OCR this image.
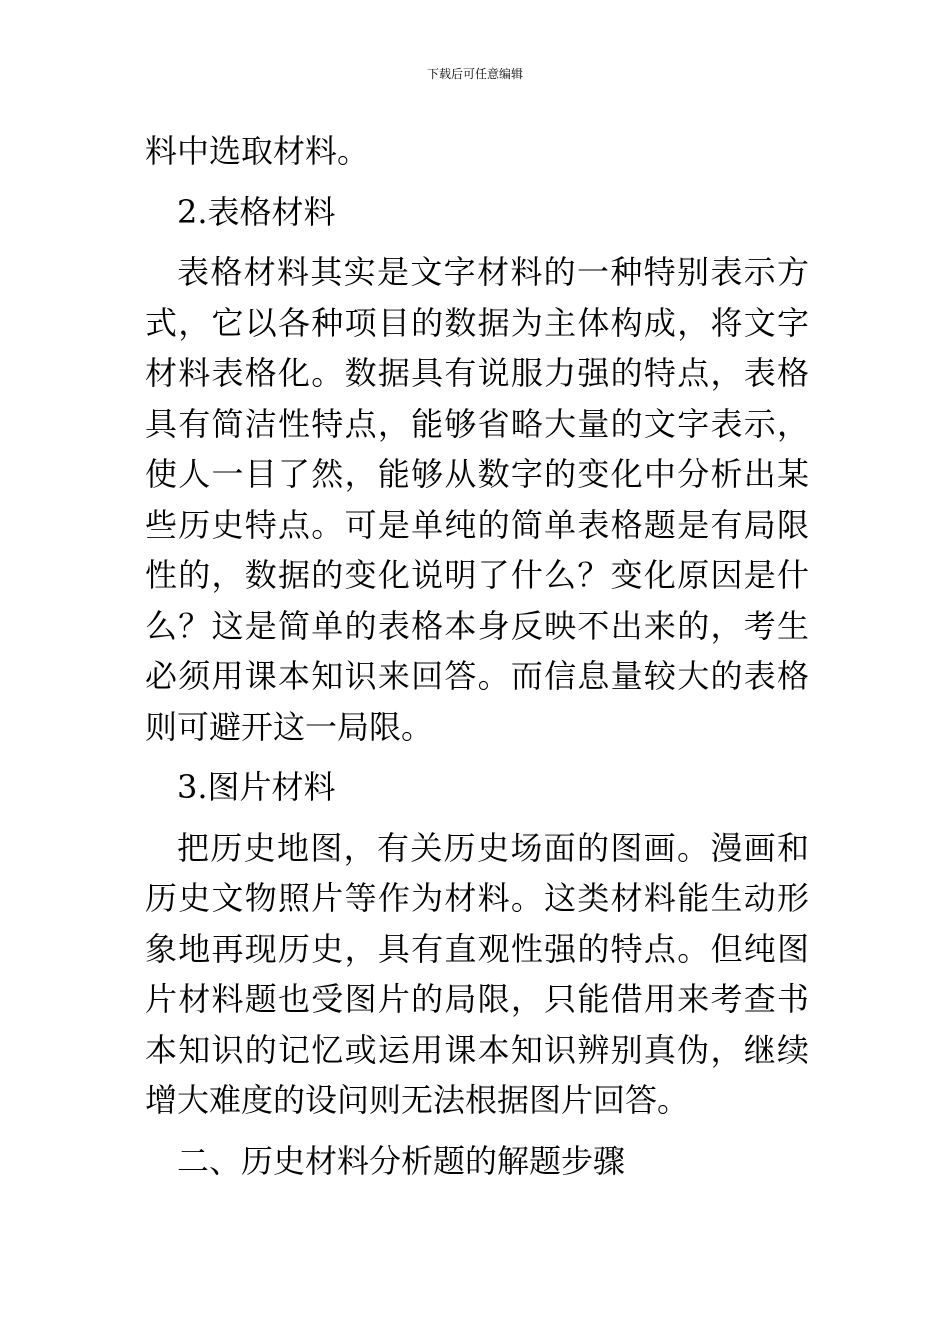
下载后可任意编辑

料中选取材料。

2.表格材料

表格材料其实是文字材料的一种特别表示方式，它以各种项目的数据为主体构成，将文字材料表格化。数据具有说服力强的特点，表格具有简洁性特点，能够省略大量的文字表示，使人一目了然，能够从数字的变化中分析出某些历史特点。可是单纯的简单表格题是有局限性的，数据的变化说明了什么？变化原因是什么？这是简单的表格本身反映不出来的，考生必须用课本知识来回答。而信息量较大的表格则可避开这一局限。

3.图片材料

把历史地图，有关历史场面的图画。漫画和历史文物照片等作为材料。这类材料能生动形象地再现历史，具有直观性强的特点。但纯图片材料题也受图片的局限，只能借用来考查书本知识的记忆或运用课本知识辨别真伪，继续增大难度的设问则无法根据图片回答。

二、历史材料分析题的解题步骤
